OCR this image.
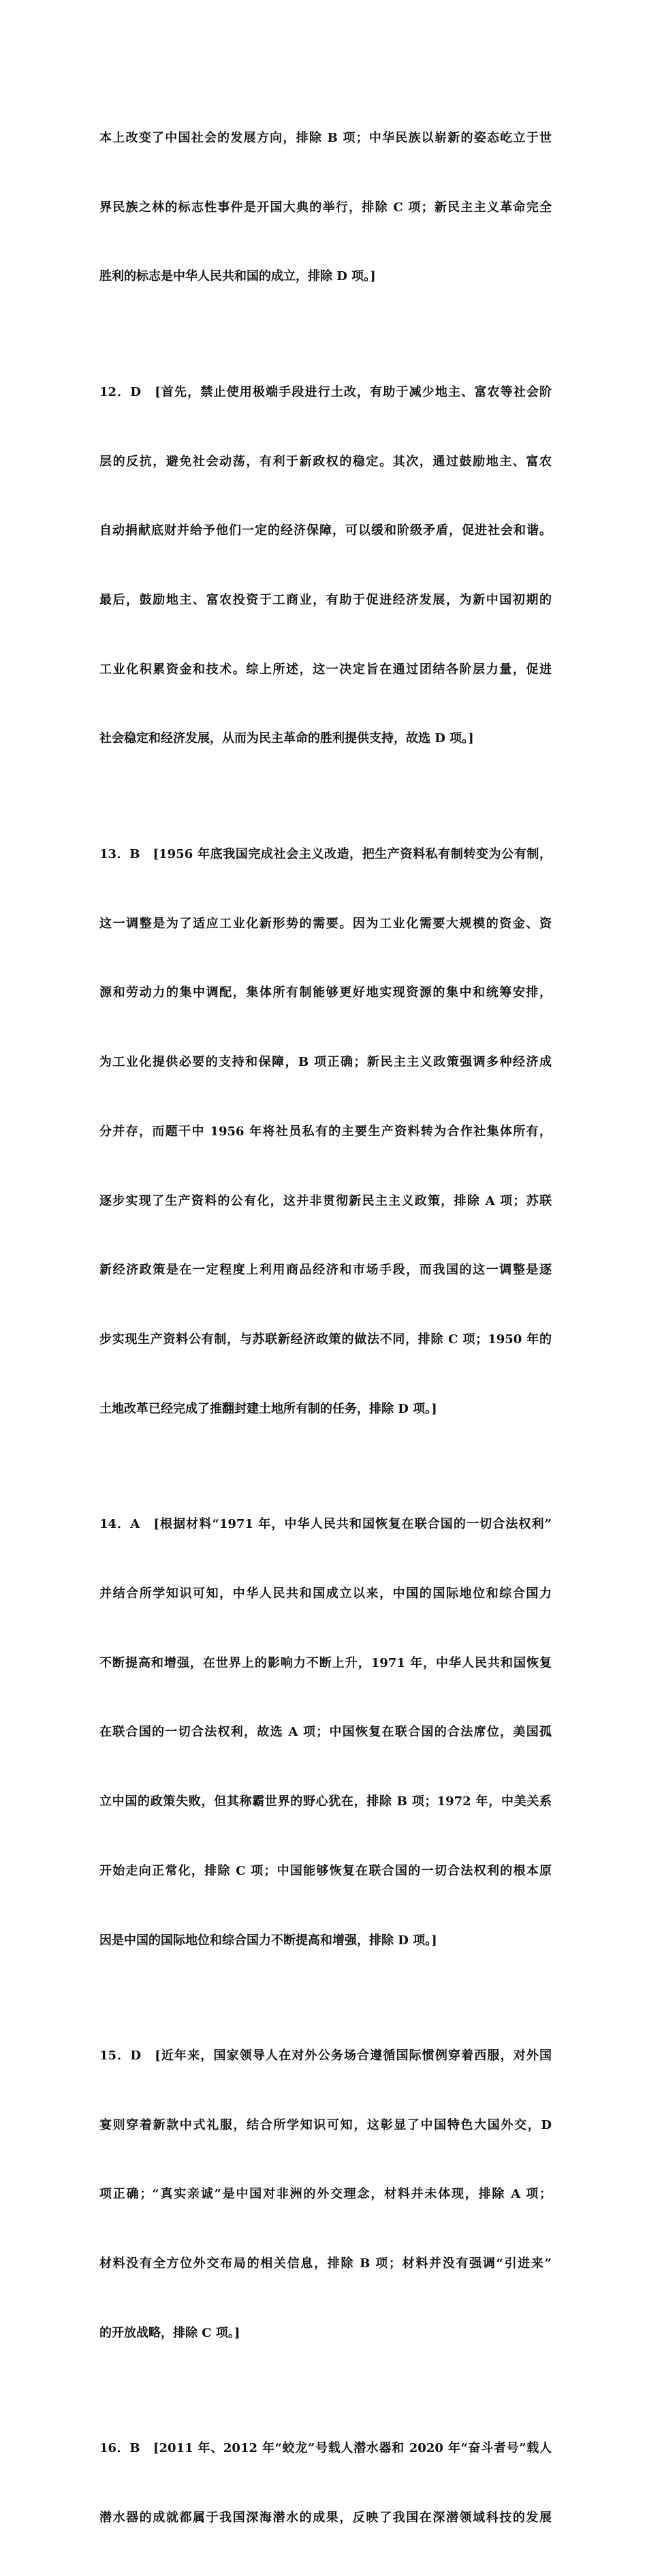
本上改变了中国社会的发展方向，排除 B 项；中华民族以崭新的姿态屹立于世

界民族之林的标志性事件是开国大典的举行，排除 C 项；新民主主义革命完全

胜利的标志是中华人民共和国的成立，排除 D 项。]

12．D　[首先，禁止使用极端手段进行土改，有助于减少地主、富农等社会阶

层的反抗，避免社会动荡，有利于新政权的稳定。其次，通过鼓励地主、富农

自动捐献底财并给予他们一定的经济保障，可以缓和阶级矛盾，促进社会和谐。

最后，鼓励地主、富农投资于工商业，有助于促进经济发展，为新中国初期的

工业化积累资金和技术。综上所述，这一决定旨在通过团结各阶层力量，促进

社会稳定和经济发展，从而为民主革命的胜利提供支持，故选 D 项。]

13．B　[1956 年底我国完成社会主义改造，把生产资料私有制转变为公有制，

这一调整是为了适应工业化新形势的需要。因为工业化需要大规模的资金、资

源和劳动力的集中调配，集体所有制能够更好地实现资源的集中和统筹安排，

为工业化提供必要的支持和保障，B 项正确；新民主主义政策强调多种经济成

分并存，而题干中 1956 年将社员私有的主要生产资料转为合作社集体所有，

逐步实现了生产资料的公有化，这并非贯彻新民主主义政策，排除 A 项；苏联

新经济政策是在一定程度上利用商品经济和市场手段，而我国的这一调整是逐

步实现生产资料公有制，与苏联新经济政策的做法不同，排除 C 项；1950 年的

土地改革已经完成了推翻封建土地所有制的任务，排除 D 项。]

14．A　[根据材料“1971 年，中华人民共和国恢复在联合国的一切合法权利”

并结合所学知识可知，中华人民共和国成立以来，中国的国际地位和综合国力

不断提高和增强，在世界上的影响力不断上升，1971 年，中华人民共和国恢复

在联合国的一切合法权利，故选 A 项；中国恢复在联合国的合法席位，美国孤

立中国的政策失败，但其称霸世界的野心犹在，排除 B 项；1972 年，中美关系

开始走向正常化，排除 C 项；中国能够恢复在联合国的一切合法权利的根本原

因是中国的国际地位和综合国力不断提高和增强，排除 D 项。]

15．D　[近年来，国家领导人在对外公务场合遵循国际惯例穿着西服，对外国

宴则穿着新款中式礼服，结合所学知识可知，这彰显了中国特色大国外交，D

项正确；“真实亲诚”是中国对非洲的外交理念，材料并未体现，排除 A 项；

材料没有全方位外交布局的相关信息，排除 B 项；材料并没有强调“引进来”

的开放战略，排除 C 项。]

16．B　[2011 年、2012 年“蛟龙”号载人潜水器和 2020 年“奋斗者号”载人

潜水器的成就都属于我国深海潜水的成果，反映了我国在深潜领域科技的发展
